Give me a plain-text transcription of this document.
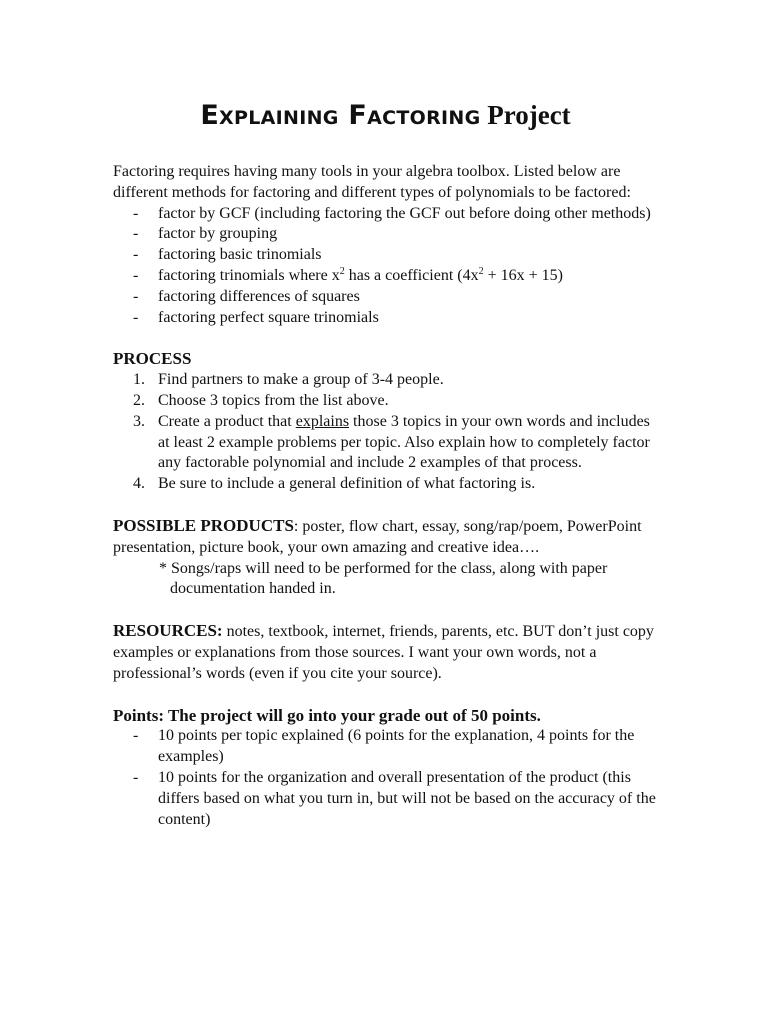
Explaining Factoring Project

Factoring requires having many tools in your algebra toolbox. Listed below are different methods for factoring and different types of polynomials to be factored:

- factor by GCF (including factoring the GCF out before doing other methods)
- factor by grouping
- factoring basic trinomials
- factoring trinomials where $x^2$ has a coefficient $(4x^2 + 16x + 15)$
- factoring differences of squares
- factoring perfect square trinomials

PROCESS

1. Find partners to make a group of 3-4 people.
2. Choose 3 topics from the list above.
3. Create a product that explains those 3 topics in your own words and includes at least 2 example problems per topic. Also explain how to completely factor any factorable polynomial and include 2 examples of that process.
4. Be sure to include a general definition of what factoring is.

POSSIBLE PRODUCTS: poster, flow chart, essay, song/rap/poem, PowerPoint presentation, picture book, your own amazing and creative idea….

* Songs/raps will need to be performed for the class, along with paper

documentation handed in.

RESOURCES: notes, textbook, internet, friends, parents, etc. BUT don’t just copy examples or explanations from those sources. I want your own words, not a professional’s words (even if you cite your source).

Points: The project will go into your grade out of 50 points.

- 10 points per topic explained (6 points for the explanation, 4 points for the examples)
- 10 points for the organization and overall presentation of the product (this differs based on what you turn in, but will not be based on the accuracy of the content)
